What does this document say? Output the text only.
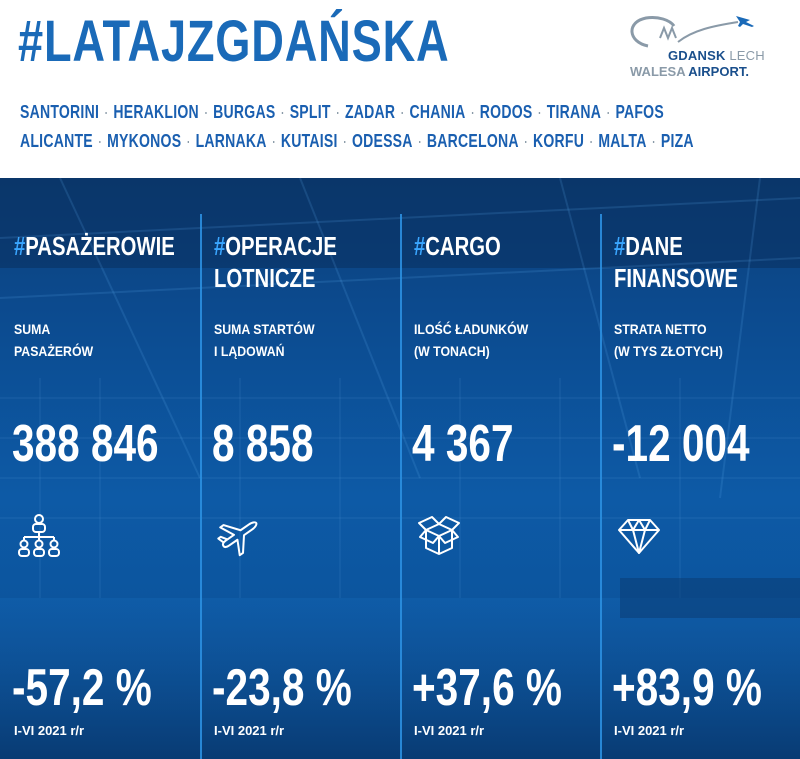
#LATAJZGDAŃSKA	GDANSK LECH
WALESA AIRPORT.
SANTORINI · HERAKLION · BURGAS · SPLIT · ZADAR · CHANIA · RODOS · TIRANA · PAFOS
ALICANTE · MYKONOS · LARNAKA · KUTAISI · ODESSA · BARCELONA · KORFU · MALTA · PIZA
#PASAŻEROWIE
SUMA
PASAŻERÓW
388 846
-57,2 %
I-VI 2021 r/r
#OPERACJE LOTNICZE
SUMA STARTÓW
I LĄDOWAŃ
8 858
-23,8 %
I-VI 2021 r/r
#CARGO
ILOŚĆ ŁADUNKÓW
(W TONACH)
4 367
+37,6 %
I-VI 2021 r/r
#DANE FINANSOWE
STRATA NETTO
(W TYS ZŁOTYCH)
-12 004
+83,9 %
I-VI 2021 r/r
